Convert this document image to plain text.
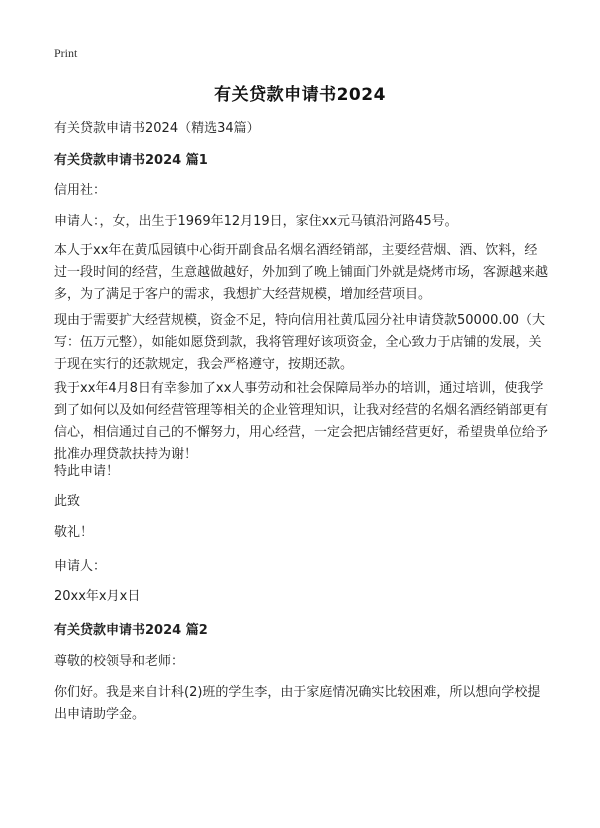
Print
有关贷款申请书2024
有关贷款申请书2024（精选34篇）
有关贷款申请书2024 篇1
信用社：
申请人：，女，出生于1969年12月19日，家住xx元马镇沿河路45号。
本人于xx年在黄瓜园镇中心街开副食品名烟名酒经销部，主要经营烟、酒、饮料，经过一段时间的经营，生意越做越好，外加到了晚上铺面门外就是烧烤市场，客源越来越多，为了满足于客户的需求，我想扩大经营规模，增加经营项目。
现由于需要扩大经营规模，资金不足，特向信用社黄瓜园分社申请贷款50000.00（大写：伍万元整），如能如愿贷到款，我将管理好该项资金，全心致力于店铺的发展，关于现在实行的还款规定，我会严格遵守，按期还款。
我于xx年4月8日有幸参加了xx人事劳动和社会保障局举办的培训，通过培训，使我学到了如何以及如何经营管理等相关的企业管理知识，让我对经营的名烟名酒经销部更有信心，相信通过自己的不懈努力，用心经营，一定会把店铺经营更好，希望贵单位给予批准办理贷款扶持为谢！
特此申请！
此致
敬礼！
申请人：
20xx年x月x日
有关贷款申请书2024 篇2
尊敬的校领导和老师：
你们好。我是来自计科(2)班的学生李，由于家庭情况确实比较困难，所以想向学校提出申请助学金。
